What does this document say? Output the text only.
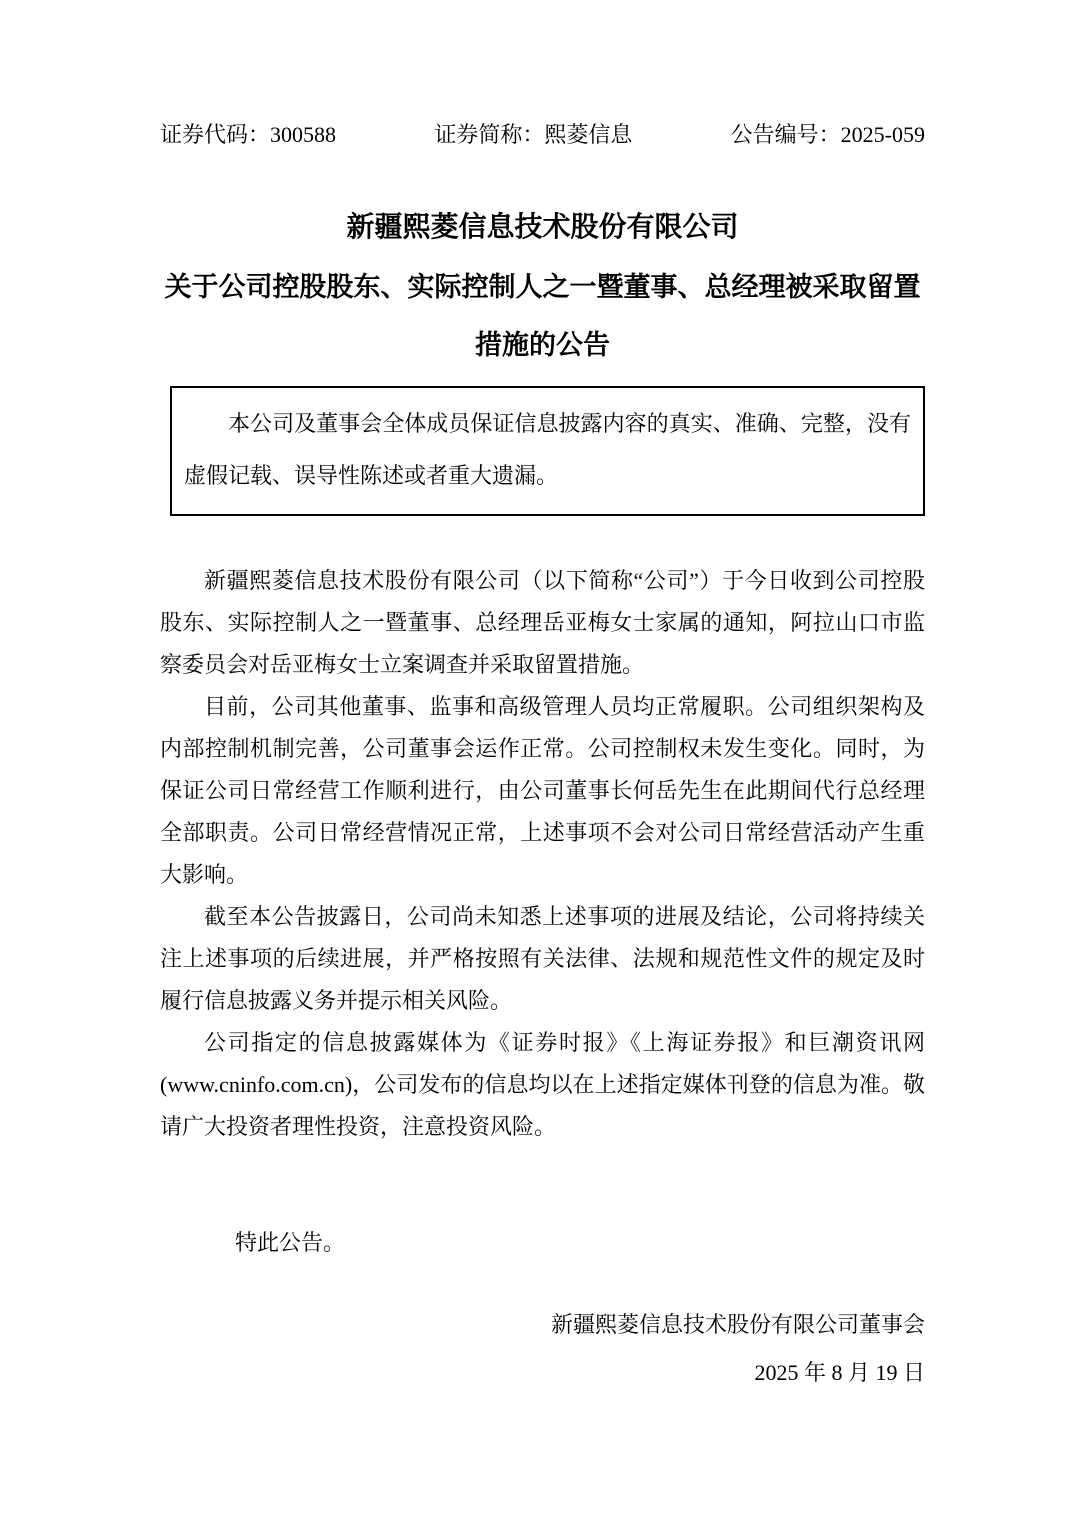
证券代码：300588	证券简称：熙菱信息	公告编号：2025-059
新疆熙菱信息技术股份有限公司
关于公司控股股东、实际控制人之一暨董事、总经理被采取留置
措施的公告

本公司及董事会全体成员保证信息披露内容的真实、准确、完整，没有虚假记载、误导性陈述或者重大遗漏。

新疆熙菱信息技术股份有限公司（以下简称“公司”）于今日收到公司控股股东、实际控制人之一暨董事、总经理岳亚梅女士家属的通知，阿拉山口市监察委员会对岳亚梅女士立案调查并采取留置措施。

目前，公司其他董事、监事和高级管理人员均正常履职。公司组织架构及内部控制机制完善，公司董事会运作正常。公司控制权未发生变化。同时，为保证公司日常经营工作顺利进行，由公司董事长何岳先生在此期间代行总经理全部职责。公司日常经营情况正常，上述事项不会对公司日常经营活动产生重大影响。

截至本公告披露日，公司尚未知悉上述事项的进展及结论，公司将持续关注上述事项的后续进展，并严格按照有关法律、法规和规范性文件的规定及时履行信息披露义务并提示相关风险。

公司指定的信息披露媒体为《证券时报》《上海证券报》和巨潮资讯网(www.cninfo.com.cn)，公司发布的信息均以在上述指定媒体刊登的信息为准。敬请广大投资者理性投资，注意投资风险。

特此公告。

新疆熙菱信息技术股份有限公司董事会

2025 年 8 月 19 日
